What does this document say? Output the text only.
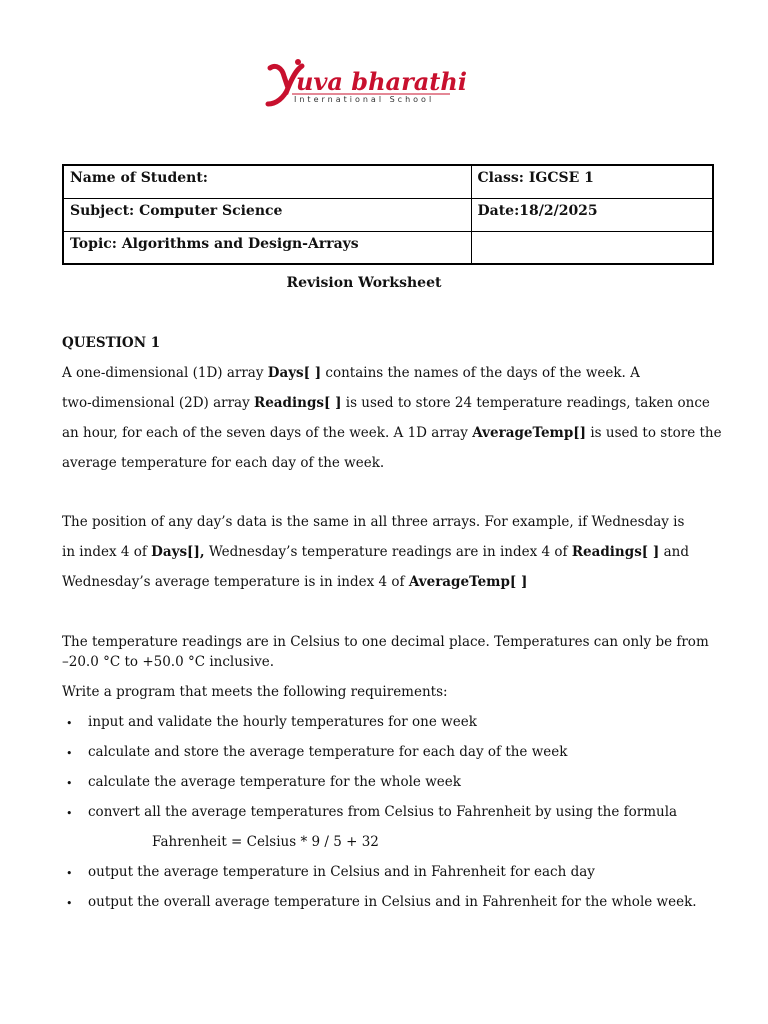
uva bharathi
International School
Name of Student:	Class: IGCSE 1
Subject: Computer Science	Date:18/2/2025
Topic: Algorithms and Design-Arrays	
Revision Worksheet
QUESTION 1
A one-dimensional (1D) array Days[ ] contains the names of the days of the week. A
two-dimensional (2D) array Readings[ ] is used to store 24 temperature readings, taken once
an hour, for each of the seven days of the week. A 1D array AverageTemp[] is used to store the
average temperature for each day of the week.
The position of any day’s data is the same in all three arrays. For example, if Wednesday is
in index 4 of Days[], Wednesday’s temperature readings are in index 4 of Readings[ ] and
Wednesday’s average temperature is in index 4 of AverageTemp[ ]
The temperature readings are in Celsius to one decimal place. Temperatures can only be from
–20.0 °C to +50.0 °C inclusive.
Write a program that meets the following requirements:
• input and validate the hourly temperatures for one week
• calculate and store the average temperature for each day of the week
• calculate the average temperature for the whole week
• convert all the average temperatures from Celsius to Fahrenheit by using the formula
Fahrenheit = Celsius * 9 / 5 + 32
• output the average temperature in Celsius and in Fahrenheit for each day
• output the overall average temperature in Celsius and in Fahrenheit for the whole week.
